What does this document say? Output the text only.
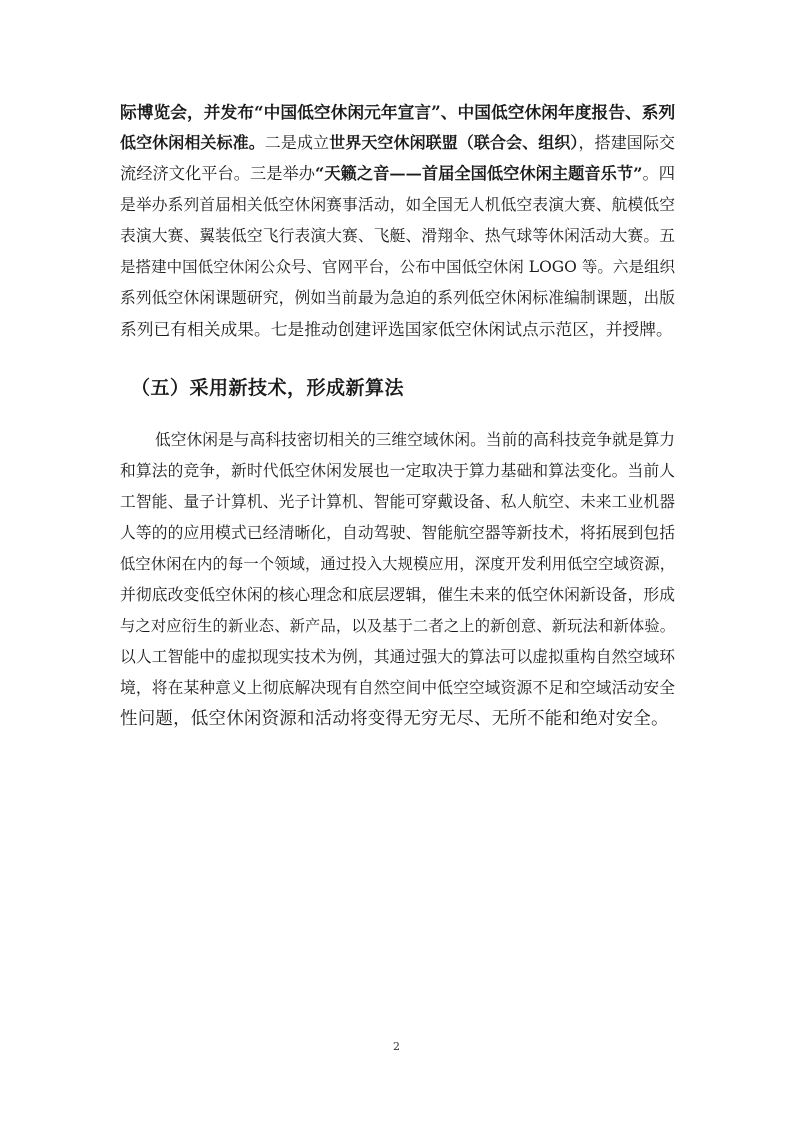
际博览会，并发布“中国低空休闲元年宣言”、中国低空休闲年度报告、系列
低空休闲相关标准。二是成立世界天空休闲联盟（联合会、组织），搭建国际交
流经济文化平台。三是举办“天籁之音——首届全国低空休闲主题音乐节”。四
是举办系列首届相关低空休闲赛事活动，如全国无人机低空表演大赛、航模低空
表演大赛、翼装低空飞行表演大赛、飞艇、滑翔伞、热气球等休闲活动大赛。五
是搭建中国低空休闲公众号、官网平台，公布中国低空休闲 LOGO 等。六是组织
系列低空休闲课题研究，例如当前最为急迫的系列低空休闲标准编制课题，出版
系列已有相关成果。七是推动创建评选国家低空休闲试点示范区，并授牌。
（五）采用新技术，形成新算法
低空休闲是与高科技密切相关的三维空域休闲。当前的高科技竞争就是算力
和算法的竞争，新时代低空休闲发展也一定取决于算力基础和算法变化。当前人
工智能、量子计算机、光子计算机、智能可穿戴设备、私人航空、未来工业机器
人等的的应用模式已经清晰化，自动驾驶、智能航空器等新技术，将拓展到包括
低空休闲在内的每一个领域，通过投入大规模应用，深度开发利用低空空域资源，
并彻底改变低空休闲的核心理念和底层逻辑，催生未来的低空休闲新设备，形成
与之对应衍生的新业态、新产品，以及基于二者之上的新创意、新玩法和新体验。
以人工智能中的虚拟现实技术为例，其通过强大的算法可以虚拟重构自然空域环
境，将在某种意义上彻底解决现有自然空间中低空空域资源不足和空域活动安全
性问题，低空休闲资源和活动将变得无穷无尽、无所不能和绝对安全。
2
